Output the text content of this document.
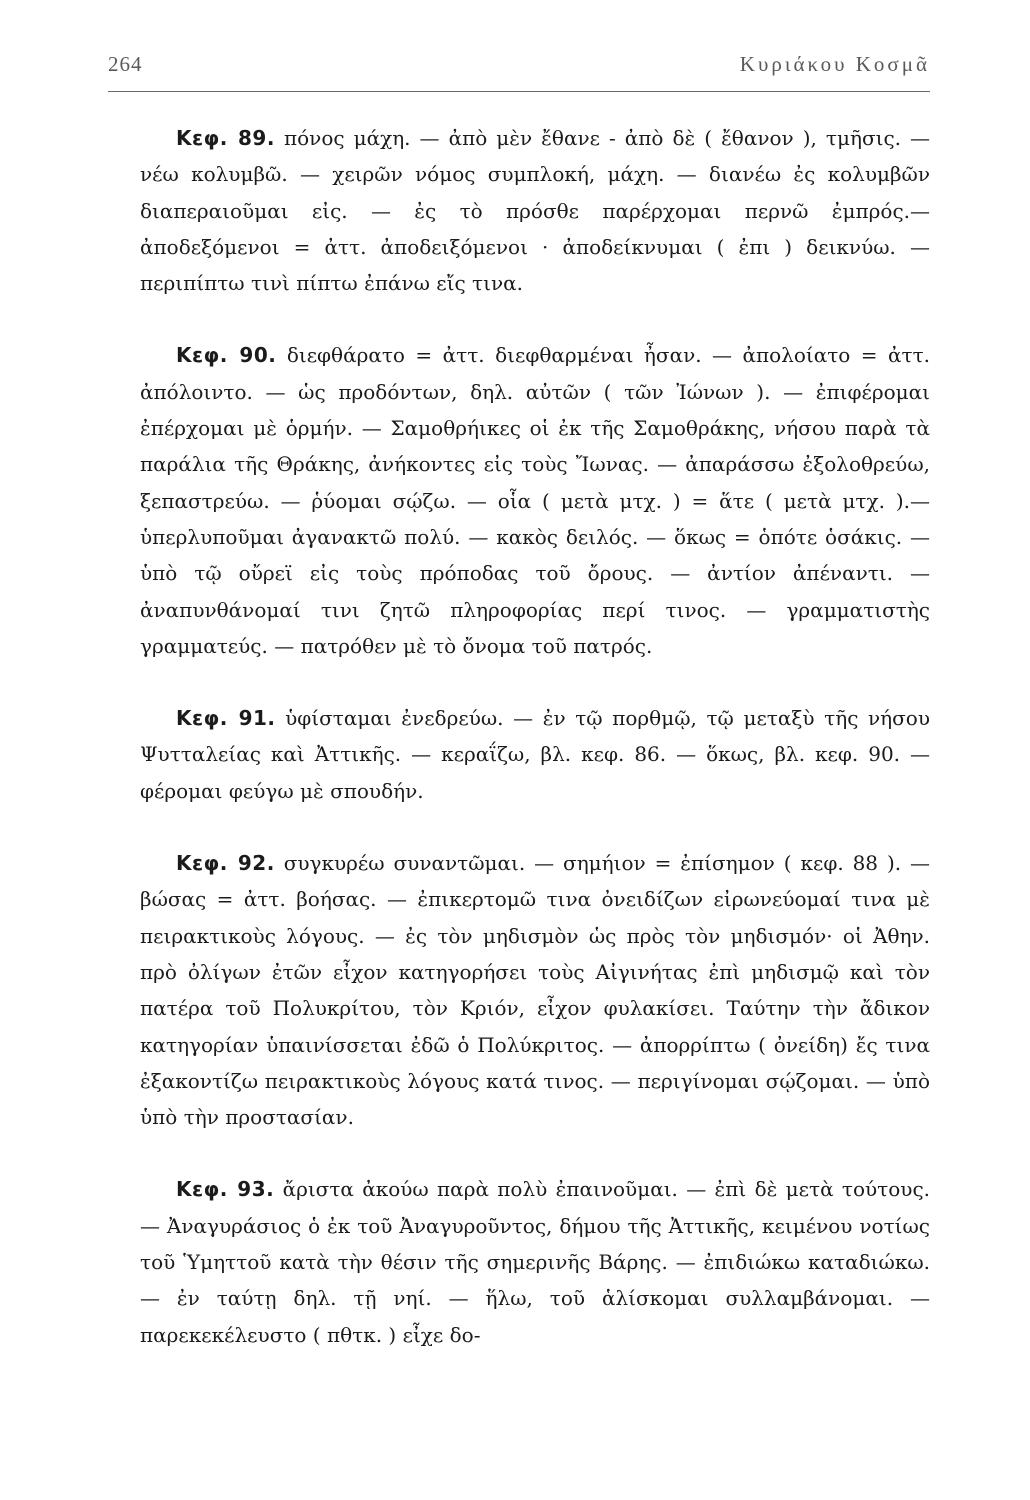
264	Κυριάκου Κοσμᾶ

Κεφ. 89. πόνος μάχη. — ἀπὸ μὲν ἔθανε - ἀπὸ δὲ ( ἔθανον ), τμῆσις. — νέω κολυμβῶ. — χειρῶν νόμος συμπλοκή, μάχη. — διανέω ἐς κολυμβῶν διαπεραιοῦμαι εἰς. — ἐς τὸ πρόσθε παρέρχομαι περνῶ ἐμπρός.—ἀποδεξόμενοι = ἀττ. ἀποδειξόμενοι · ἀποδείκνυμαι ( ἐπι ) δεικνύω. — περιπίπτω τινὶ πίπτω ἐπάνω εἴς τινα.

Κεφ. 90. διεφθάρατο = ἀττ. διεφθαρμέναι ἦσαν. — ἀπολοίατο = ἀττ. ἀπόλοιντο. — ὡς προδόντων, δηλ. αὐτῶν ( τῶν Ἰώνων ). — ἐπιφέρομαι ἐπέρχομαι μὲ ὁρμήν. — Σαμοθρήικες οἱ ἐκ τῆς Σαμοθράκης, νήσου παρὰ τὰ παράλια τῆς Θράκης, ἀνήκοντες εἰς τοὺς Ἴωνας. — ἀπαράσσω ἐξολοθρεύω, ξεπαστρεύω. — ῥύομαι σῴζω. — οἷα ( μετὰ μτχ. ) = ἅτε ( μετὰ μτχ. ).—ὑπερλυποῦμαι ἀγανακτῶ πολύ. — κακὸς δειλός. — ὅκως = ὁπότε ὁσάκις. — ὑπὸ τῷ οὔρεϊ εἰς τοὺς πρόποδας τοῦ ὄρους. — ἀντίον ἀπέναντι. — ἀναπυνθάνομαί τινι ζητῶ πληροφορίας περί τινος. — γραμματιστὴς γραμματεύς. — πατρόθεν μὲ τὸ ὄνομα τοῦ πατρός.

Κεφ. 91. ὑφίσταμαι ἐνεδρεύω. — ἐν τῷ πορθμῷ, τῷ μεταξὺ τῆς νήσου Ψυτταλείας καὶ Ἀττικῆς. — κεραΐζω, βλ. κεφ. 86. — ὅκως, βλ. κεφ. 90. — φέρομαι φεύγω μὲ σπουδήν.

Κεφ. 92. συγκυρέω συναντῶμαι. — σημήιον = ἐπίσημον ( κεφ. 88 ). — βώσας = ἀττ. βοήσας. — ἐπικερτομῶ τινα ὀνειδίζων εἰρωνεύομαί τινα μὲ πειρακτικοὺς λόγους. — ἐς τὸν μηδισμὸν ὡς πρὸς τὸν μηδισμόν· οἱ Ἀθην. πρὸ ὀλίγων ἐτῶν εἶχον κατηγορήσει τοὺς Αἰγινήτας ἐπὶ μηδισμῷ καὶ τὸν πατέρα τοῦ Πολυκρίτου, τὸν Κριόν, εἶχον φυλακίσει. Ταύτην τὴν ἄδικον κατηγορίαν ὑπαινίσσεται ἐδῶ ὁ Πολύκριτος. — ἀπορρίπτω ( ὀνείδη) ἔς τινα ἐξακοντίζω πειρακτικοὺς λόγους κατά τινος. — περιγίνομαι σῴζομαι. — ὑπὸ ὑπὸ τὴν προστασίαν.

Κεφ. 93. ἄριστα ἀκούω παρὰ πολὺ ἐπαινοῦμαι. — ἐπὶ δὲ μετὰ τούτους. — Ἀναγυράσιος ὁ ἐκ τοῦ Ἀναγυροῦντος, δήμου τῆς Ἀττικῆς, κειμένου νοτίως τοῦ Ὑμηττοῦ κατὰ τὴν θέσιν τῆς σημερινῆς Βάρης. — ἐπιδιώκω καταδιώκω. — ἐν ταύτῃ δηλ. τῇ νηί. — ἥλω, τοῦ ἁλίσκομαι συλλαμβάνομαι. — παρεκεκέλευστο ( πθτκ. ) εἶχε δο-
